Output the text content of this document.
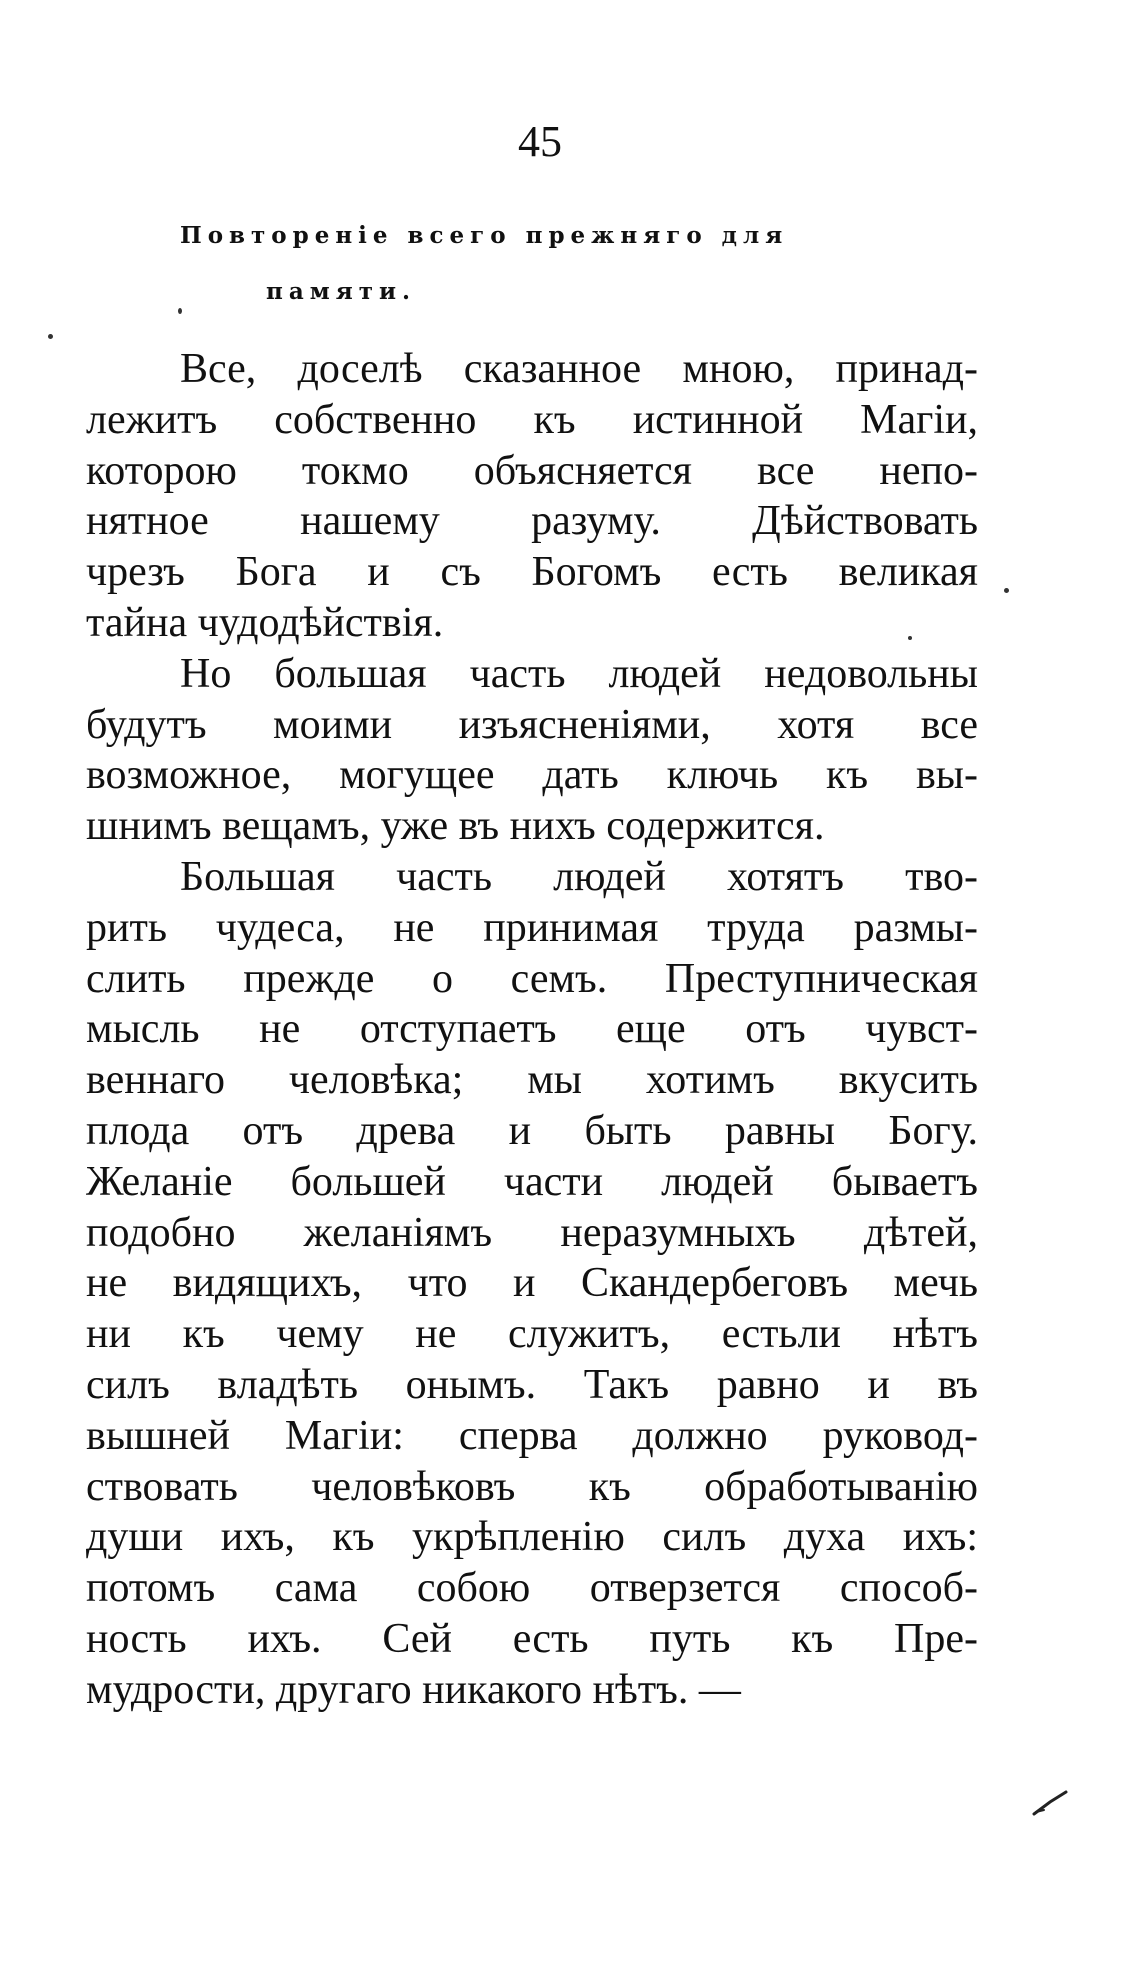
45
Повторенiе всего прежняго для
памяти.
Все, доселѣ сказанное мною, принад-
лежитъ собственно къ истинной Магiи,
которою токмо объясняется все непо-
нятное нашему разуму. Дѣйствовать
чрезъ Бога и съ Богомъ есть великая
тайна чудодѣйствiя.
Но большая часть людей недовольны
будутъ моими изъясненiями, хотя все
возможное, могущее дать ключь къ вы-
шнимъ вещамъ, уже въ нихъ содержится.
Большая часть людей хотятъ тво-
рить чудеса, не принимая труда размы-
слить прежде о семъ. Преступническая
мысль не отступаетъ еще отъ чувст-
веннаго человѣка; мы хотимъ вкусить
плода отъ древа и быть равны Богу.
Желанiе большей части людей бываетъ
подобно желанiямъ неразумныхъ дѣтей,
не видящихъ, что и Скандербеговъ мечь
ни къ чему не служитъ, естьли нѣтъ
силъ владѣть онымъ. Такъ равно и въ
вышней Магiи: сперва должно руковод-
ствовать человѣковъ къ обработыванiю
души ихъ, къ укрѣпленiю силъ духа ихъ:
потомъ сама собою отверзется способ-
ность ихъ. Сей есть путь къ Пре-
мудрости, другаго никакого нѣтъ. —
